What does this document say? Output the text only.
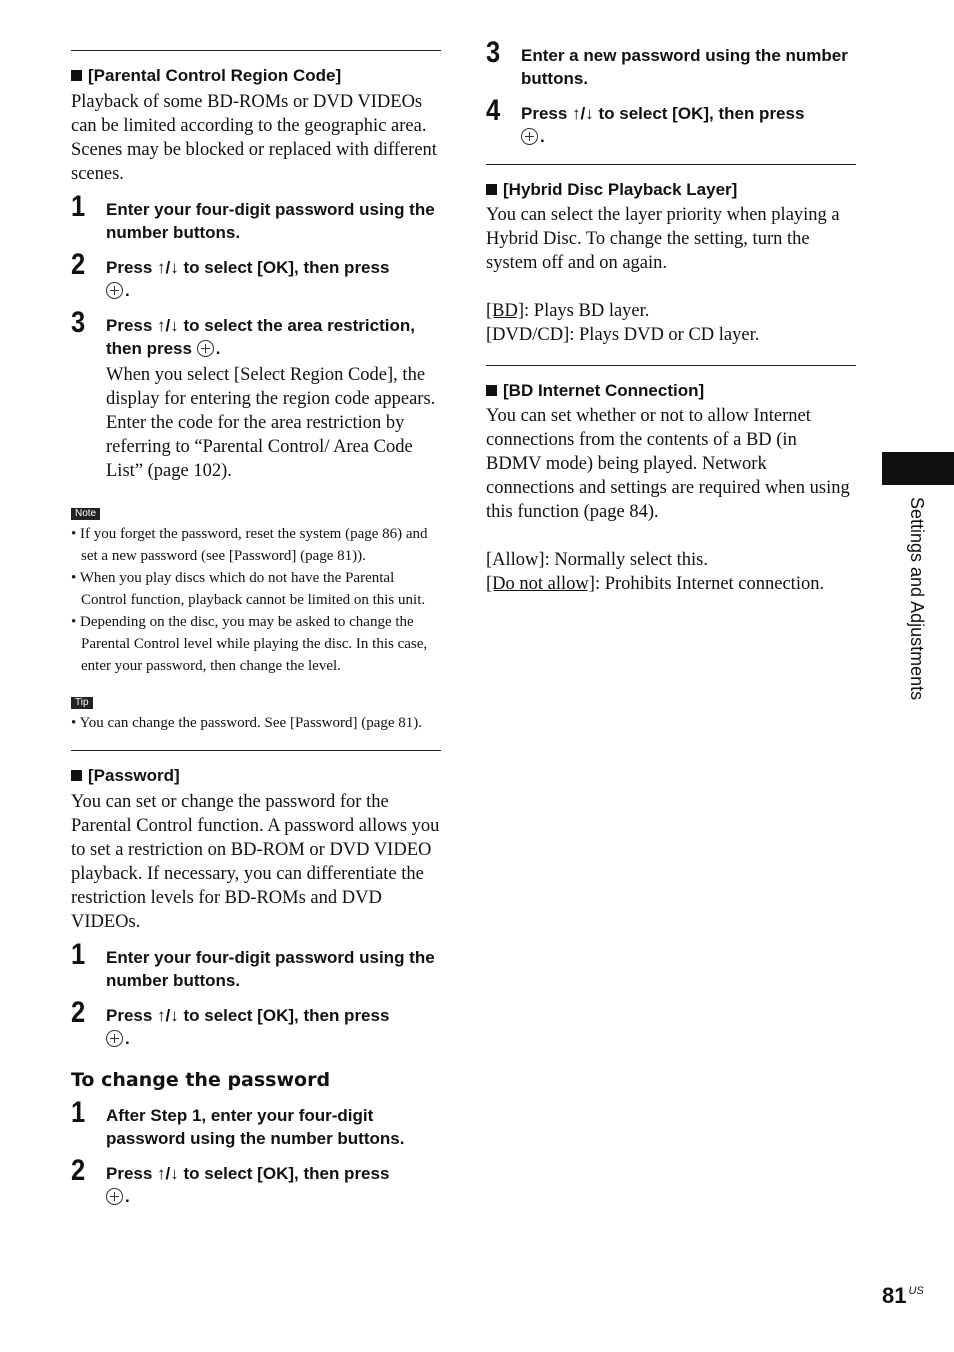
[Parental Control Region Code]
Playback of some BD-ROMs or DVD VIDEOs can be limited according to the geographic area. Scenes may be blocked or replaced with different scenes.
1	Enter your four-digit password using the number buttons.
2	Press ↑/↓ to select [OK], then press
.
3	Press ↑/↓ to select the area restriction, then press .
When you select [Select Region Code], the display for entering the region code appears. Enter the code for the area restriction by referring to “Parental Control/ Area Code List” (page 102).
Note
• If you forget the password, reset the system (page 86) and set a new password (see [Password] (page 81)).
• When you play discs which do not have the Parental Control function, playback cannot be limited on this unit.
• Depending on the disc, you may be asked to change the Parental Control level while playing the disc. In this case, enter your password, then change the level.
Tip
• You can change the password. See [Password] (page 81).
[Password]
You can set or change the password for the Parental Control function. A password allows you to set a restriction on BD-ROM or DVD VIDEO playback. If necessary, you can differentiate the restriction levels for BD-ROMs and DVD VIDEOs.
1	Enter your four-digit password using the number buttons.
2	Press ↑/↓ to select [OK], then press
.
To change the password
1	After Step 1, enter your four-digit password using the number buttons.
2	Press ↑/↓ to select [OK], then press
.
3	Enter a new password using the number buttons.
4	Press ↑/↓ to select [OK], then press
.
[Hybrid Disc Playback Layer]
You can select the layer priority when playing a Hybrid Disc. To change the setting, turn the system off and on again.
[BD]: Plays BD layer.
[DVD/CD]: Plays DVD or CD layer.
[BD Internet Connection]
You can set whether or not to allow Internet connections from the contents of a BD (in BDMV mode) being played. Network connections and settings are required when using this function (page 84).
[Allow]: Normally select this.
[Do not allow]: Prohibits Internet connection.	Settings and Adjustments
81 $^{US}$
